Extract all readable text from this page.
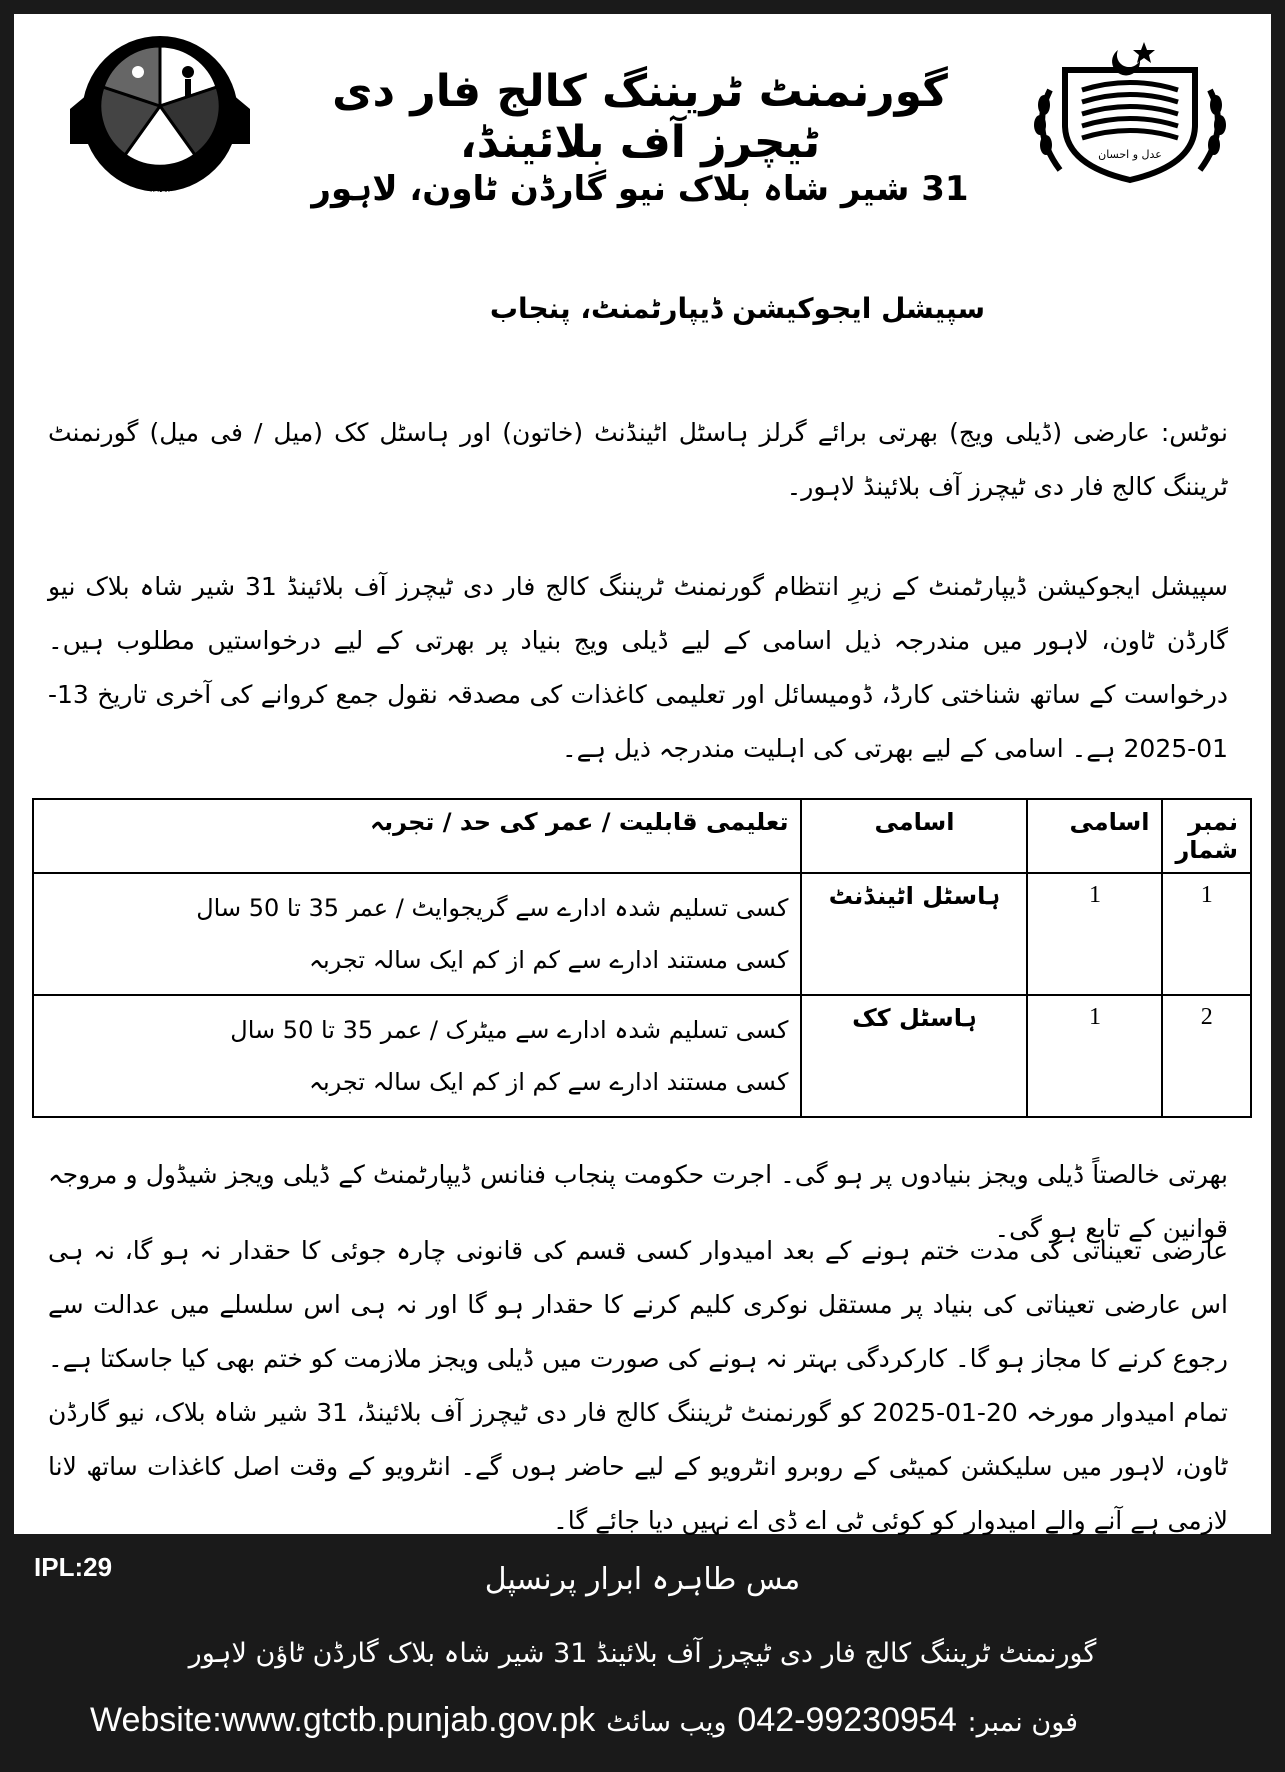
SPECIAL EDUCATION DEPARTMENT
عدل و احسان
گورنمنٹ ٹریننگ کالج فار دی ٹیچرز آف بلائینڈ،
31 شیر شاہ بلاک نیو گارڈن ٹاون، لاہور
سپیشل ایجوکیشن ڈیپارٹمنٹ، پنجاب
نوٹس: عارضی (ڈیلی ویج) بھرتی برائے گرلز ہاسٹل اٹینڈنٹ (خاتون) اور ہاسٹل کک (میل / فی میل) گورنمنٹ ٹریننگ کالج فار دی ٹیچرز آف بلائینڈ لاہور۔
سپیشل ایجوکیشن ڈیپارٹمنٹ کے زیرِ انتظام گورنمنٹ ٹریننگ کالج فار دی ٹیچرز آف بلائینڈ 31 شیر شاہ بلاک نیو گارڈن ٹاون، لاہور میں مندرجہ ذیل اسامی کے لیے ڈیلی ویج بنیاد پر بھرتی کے لیے درخواستیں مطلوب ہیں۔ درخواست کے ساتھ شناختی کارڈ، ڈومیسائل اور تعلیمی کاغذات کی مصدقہ نقول جمع کروانے کی آخری تاریخ 13-01-2025 ہے۔ اسامی کے لیے بھرتی کی اہلیت مندرجہ ذیل ہے۔
نمبر شمار	اسامی	اسامی	تعلیمی قابلیت / عمر کی حد / تجربہ
1	1	ہاسٹل اٹینڈنٹ	کسی تسلیم شدہ ادارے سے گریجوایٹ / عمر 35 تا 50 سال
کسی مستند ادارے سے کم از کم ایک سالہ تجربہ

2	1	ہاسٹل کک	کسی تسلیم شدہ ادارے سے میٹرک / عمر 35 تا 50 سال
کسی مستند ادارے سے کم از کم ایک سالہ تجربہ
بھرتی خالصتاً ڈیلی ویجز بنیادوں پر ہو گی۔ اجرت حکومت پنجاب فنانس ڈیپارٹمنٹ کے ڈیلی ویجز شیڈول و مروجہ قوانین کے تابع ہو گی۔
عارضی تعیناتی کی مدت ختم ہونے کے بعد امیدوار کسی قسم کی قانونی چارہ جوئی کا حقدار نہ ہو گا، نہ ہی اس عارضی تعیناتی کی بنیاد پر مستقل نوکری کلیم کرنے کا حقدار ہو گا اور نہ ہی اس سلسلے میں عدالت سے رجوع کرنے کا مجاز ہو گا۔ کارکردگی بہتر نہ ہونے کی صورت میں ڈیلی ویجز ملازمت کو ختم بھی کیا جاسکتا ہے۔ تمام امیدوار مورخہ 20-01-2025 کو گورنمنٹ ٹریننگ کالج فار دی ٹیچرز آف بلائینڈ، 31 شیر شاہ بلاک، نیو گارڈن ٹاون، لاہور میں سلیکشن کمیٹی کے روبرو انٹرویو کے لیے حاضر ہوں گے۔ انٹرویو کے وقت اصل کاغذات ساتھ لانا لازمی ہے آنے والے امیدوار کو کوئی ٹی اے ڈی اے نہیں دیا جائے گا۔
IPL:29	مس طاہرہ ابرار پرنسپل
گورنمنٹ ٹریننگ کالج فار دی ٹیچرز آف بلائینڈ 31 شیر شاہ بلاک گارڈن ٹاؤن لاہور
Website:www.gtctb.punjab.gov.pk ویب سائٹ 042-99230954 فون نمبر:
